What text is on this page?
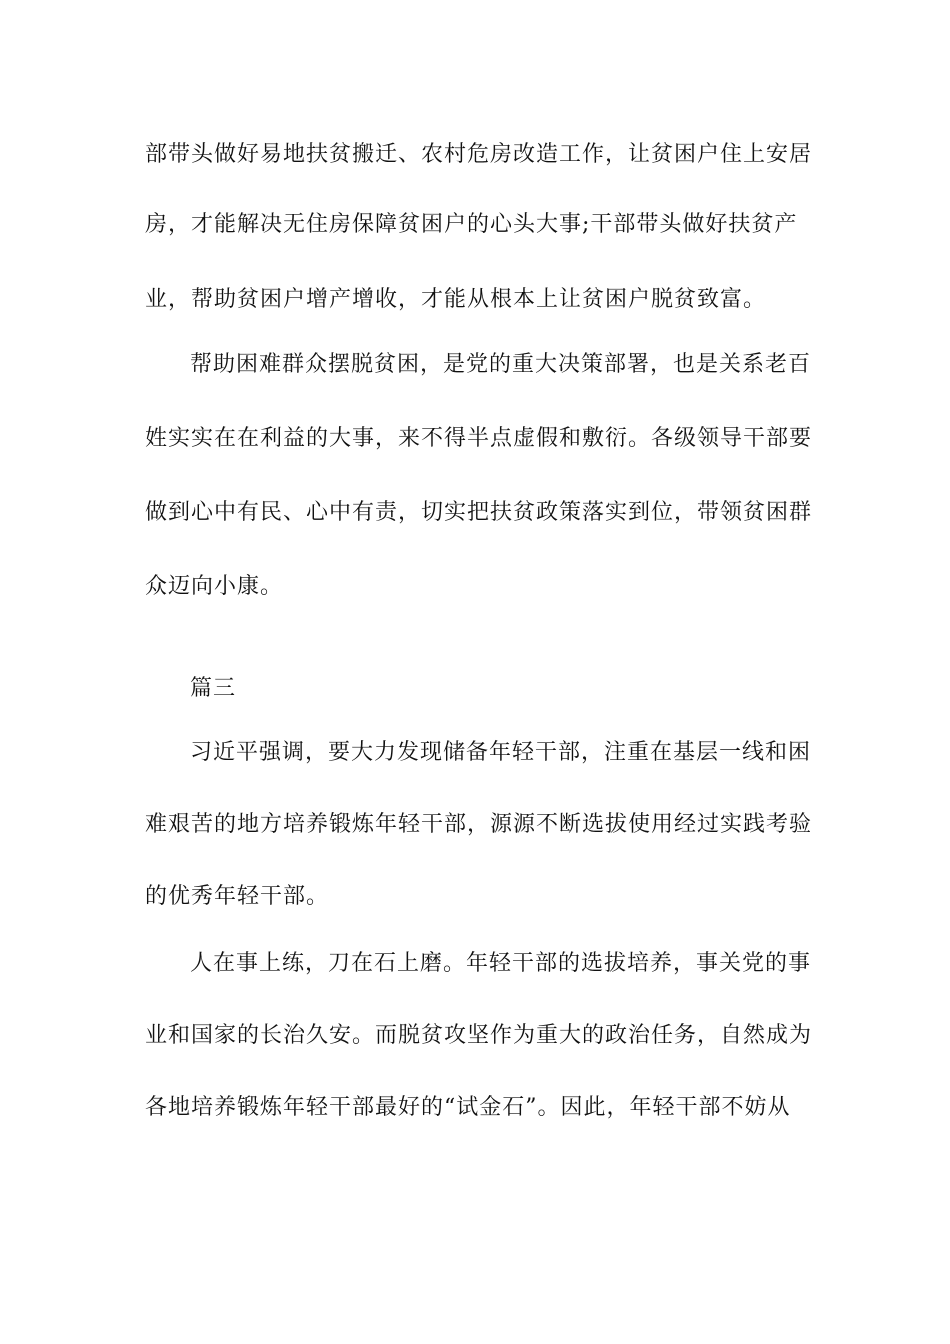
部带头做好易地扶贫搬迁、农村危房改造工作，让贫困户住上安居
房，才能解决无住房保障贫困户的心头大事;干部带头做好扶贫产
业，帮助贫困户增产增收，才能从根本上让贫困户脱贫致富。
帮助困难群众摆脱贫困，是党的重大决策部署，也是关系老百
姓实实在在利益的大事，来不得半点虚假和敷衍。各级领导干部要
做到心中有民、心中有责，切实把扶贫政策落实到位，带领贫困群
众迈向小康。
篇三
习近平强调，要大力发现储备年轻干部，注重在基层一线和困
难艰苦的地方培养锻炼年轻干部，源源不断选拔使用经过实践考验
的优秀年轻干部。
人在事上练，刀在石上磨。年轻干部的选拔培养，事关党的事
业和国家的长治久安。而脱贫攻坚作为重大的政治任务，自然成为
各地培养锻炼年轻干部最好的“试金石”。因此，年轻干部不妨从
